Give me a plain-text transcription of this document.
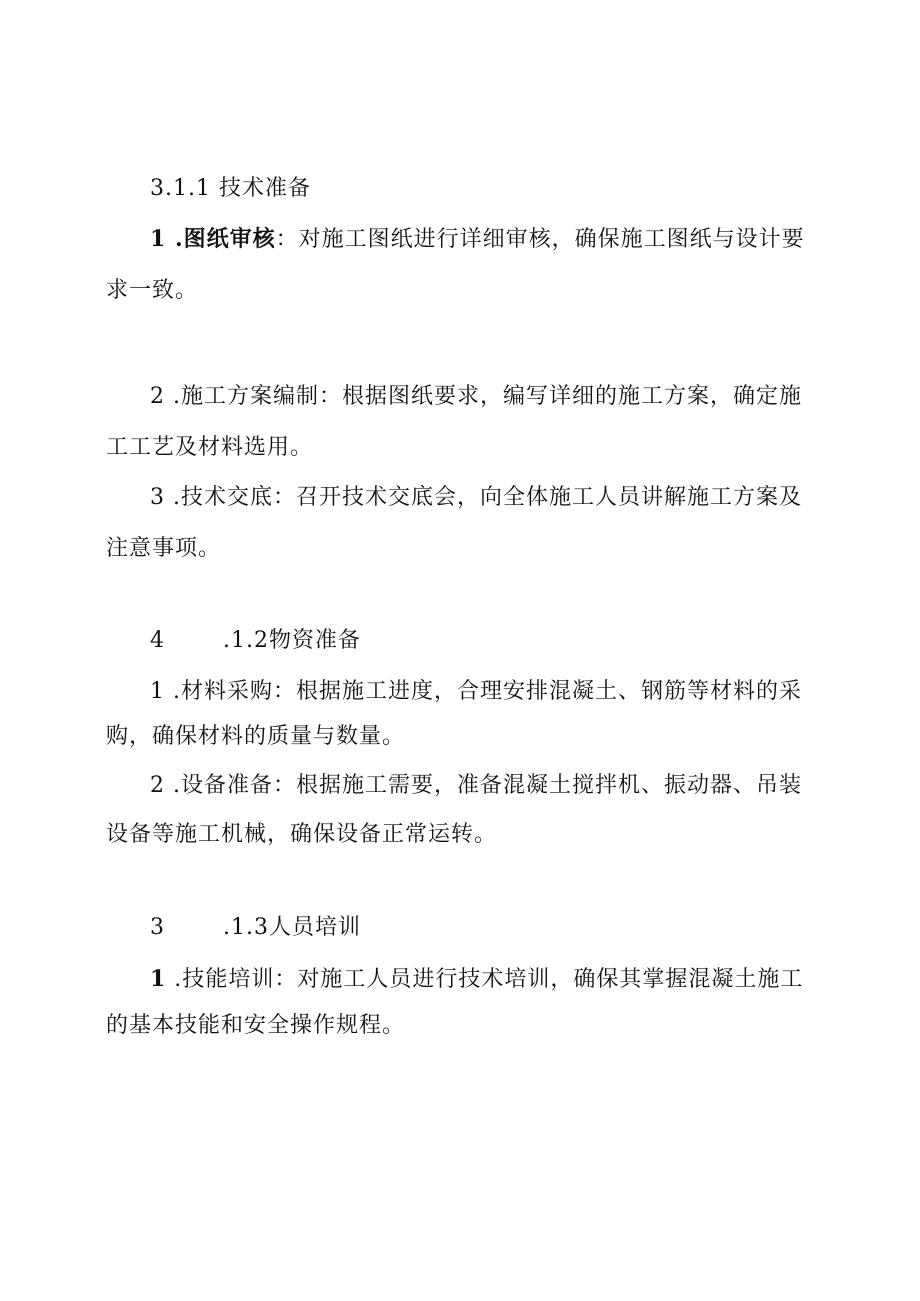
3.1.1 技术准备
1 .图纸审核：对施工图纸进行详细审核，确保施工图纸与设计要
求一致。
2 .施工方案编制：根据图纸要求，编写详细的施工方案，确定施
工工艺及材料选用。
3 .技术交底：召开技术交底会，向全体施工人员讲解施工方案及
注意事项。
4	.1.2物资准备
1 .材料采购：根据施工进度，合理安排混凝土、钢筋等材料的采
购，确保材料的质量与数量。
2 .设备准备：根据施工需要，准备混凝土搅拌机、振动器、吊装
设备等施工机械，确保设备正常运转。
3	.1.3人员培训
1 .技能培训：对施工人员进行技术培训，确保其掌握混凝土施工
的基本技能和安全操作规程。
